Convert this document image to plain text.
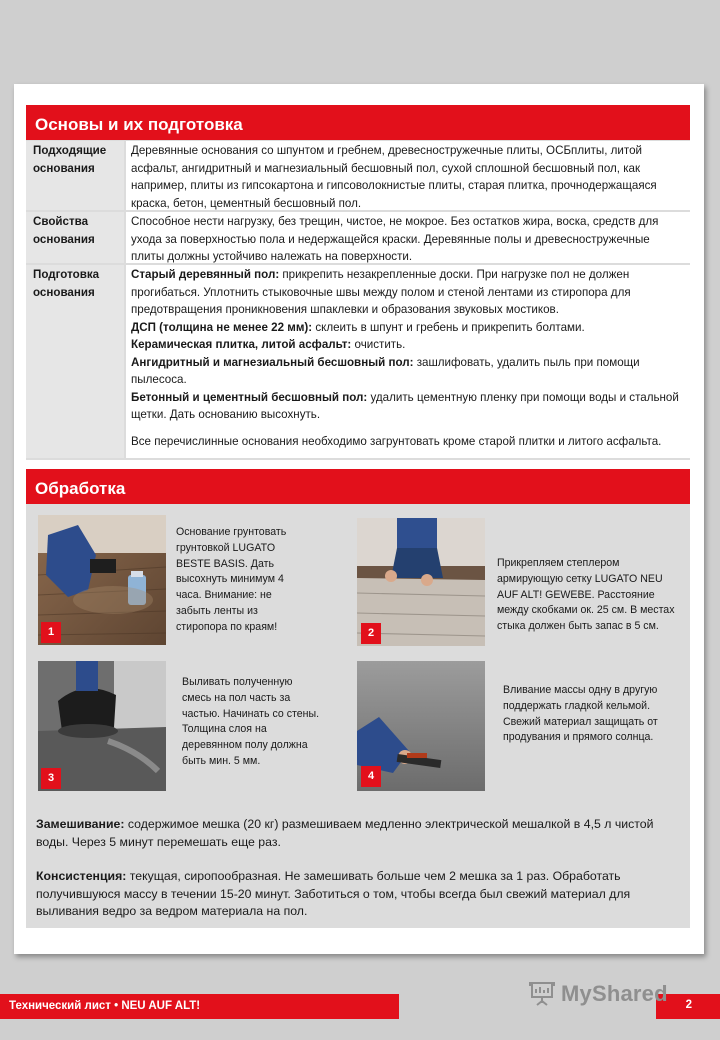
Основы и их подготовка
Подходящие основания
Деревянные основания со шпунтом и гребнем, древесностружечные плиты, ОСБплиты, литой асфальт, ангидритный и магнезиальный бесшовный пол, сухой сплошной бесшовный пол, как например, плиты из гипсокартона и гипсоволокнистые плиты, старая плитка, прочнодержащаяся краска, бетон, цементный бесшовный пол.
Свойства основания
Способное нести нагрузку, без трещин, чистое, не мокрое. Без остатков жира, воска, средств для ухода за поверхностью пола и недержащейся краски. Деревянные полы и древесностружечные плиты должны устойчиво належать на поверхности.
Подготовка основания
Старый деревянный пол: прикрепить незакрепленные доски. При нагрузке пол не должен прогибаться. Уплотнить стыковочные швы между полом и стеной лентами из стиропора для предотвращения проникновения шпаклевки и образования звуковых мостиков.
ДСП (толщина не менее 22 мм): склеить в шпунт и гребень и прикрепить болтами.
Керамическая плитка, литой асфальт: очистить.
Ангидритный и магнезиальный бесшовный пол: зашлифовать, удалить пыль при помощи пылесоса.
Бетонный и цементный бесшовный пол: удалить цементную пленку при помощи воды и стальной щетки. Дать основанию высохнуть.
Все перечислинные основания необходимо загрунтовать кроме старой плитки и литого асфальта.
Обработка
1
Основание грунтовать грунтовкой LUGATO BESTE BASIS. Дать высохнуть минимум 4 часа. Внимание: не забыть ленты из стиропора по краям!
2
Прикрепляем степлером армирующую сетку LUGATO NEU AUF ALT! GEWEBE. Расстояние между скобками ок. 25 см. В местах стыка должен быть запас в 5 см.
3
Выливать полученную смесь на пол часть за частью. Начинать со стены. Толщина слоя на деревянном полу должна быть мин. 5 мм.
4
Вливание массы одну в другую поддержать гладкой кельмой. Свежий материал защищать от продувания и прямого солнца.
Замешивание: содержимое мешка (20 кг) размешиваем медленно электрической мешалкой в 4,5 л чистой воды. Через 5 минут перемешать еще раз.
Консистенция: текущая, сиропообразная. Не замешивать больше чем 2 мешка за 1 раз. Обработать получившуюся массу в течении 15-20 минут. Заботиться о том, чтобы всегда был свежий материал для выливания ведро за ведром материала на пол.
Технический лист • NEU AUF ALT!	2
MyShared
